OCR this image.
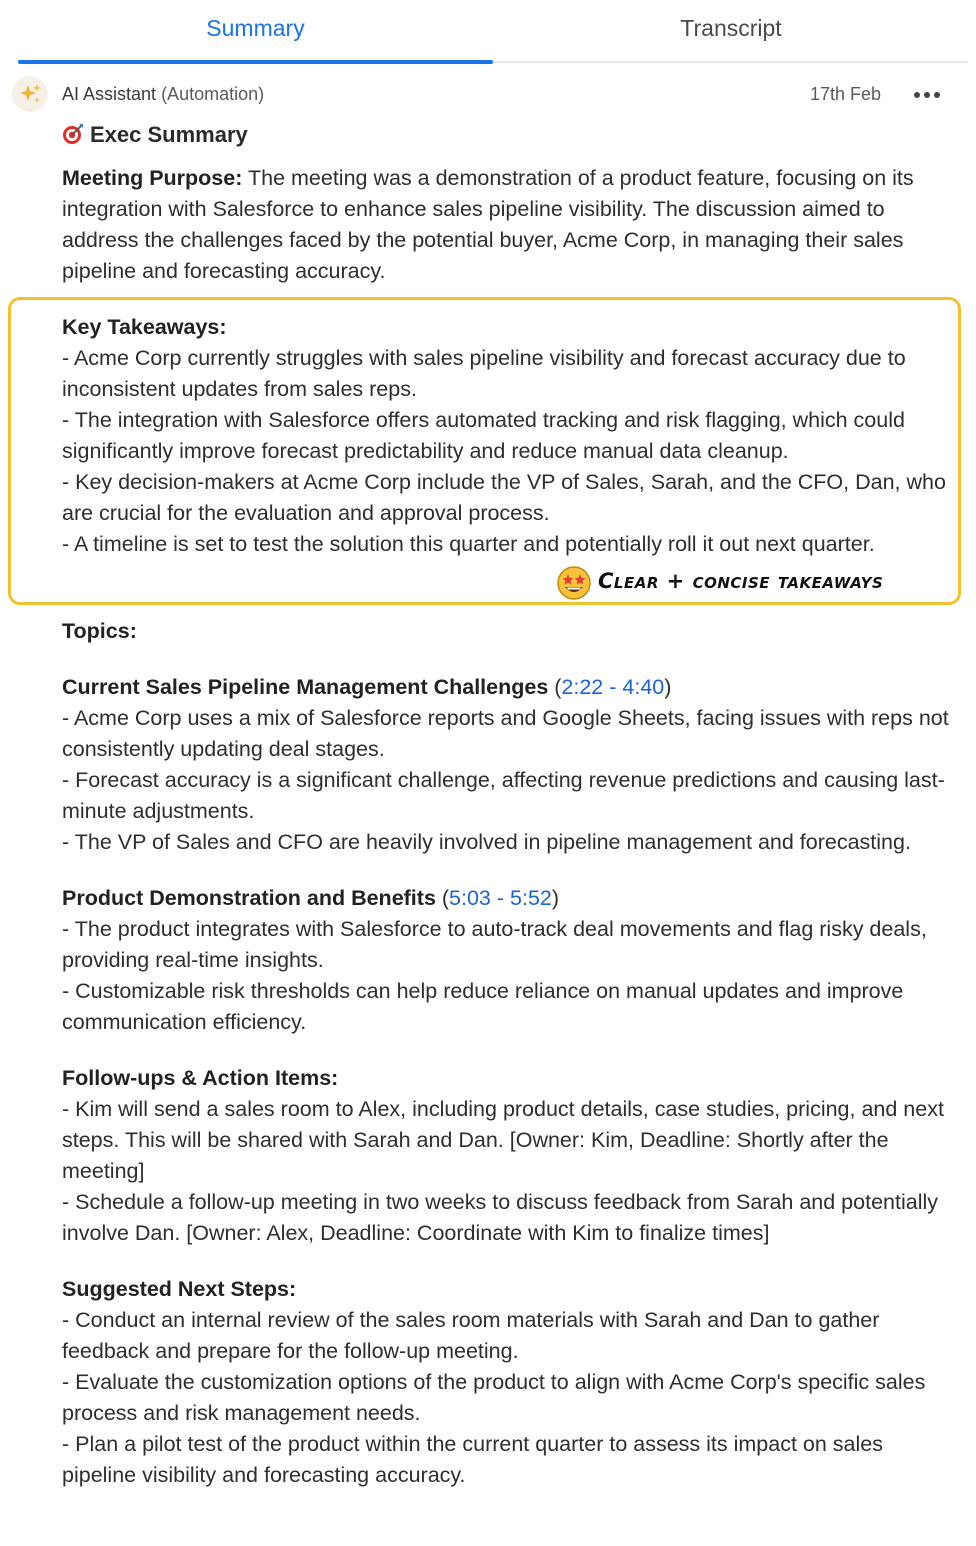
Summary	Transcript
AI Assistant (Automation)	17th Feb
Exec Summary

Meeting Purpose: The meeting was a demonstration of a product feature, focusing on its integration with Salesforce to enhance sales pipeline visibility. The discussion aimed to address the challenges faced by the potential buyer, Acme Corp, in managing their sales pipeline and forecasting accuracy.

Key Takeaways:

- Acme Corp currently struggles with sales pipeline visibility and forecast accuracy due to inconsistent updates from sales reps.

- The integration with Salesforce offers automated tracking and risk flagging, which could significantly improve forecast predictability and reduce manual data cleanup.

- Key decision-makers at Acme Corp include the VP of Sales, Sarah, and the CFO, Dan, who are crucial for the evaluation and approval process.

- A timeline is set to test the solution this quarter and potentially roll it out next quarter.

Clear + concise takeaways

Topics:

Current Sales Pipeline Management Challenges (2:22 - 4:40)

- Acme Corp uses a mix of Salesforce reports and Google Sheets, facing issues with reps not consistently updating deal stages.

- Forecast accuracy is a significant challenge, affecting revenue predictions and causing last-minute adjustments.

- The VP of Sales and CFO are heavily involved in pipeline management and forecasting.

Product Demonstration and Benefits (5:03 - 5:52)

- The product integrates with Salesforce to auto-track deal movements and flag risky deals, providing real-time insights.

- Customizable risk thresholds can help reduce reliance on manual updates and improve communication efficiency.

Follow-ups & Action Items:

- Kim will send a sales room to Alex, including product details, case studies, pricing, and next steps. This will be shared with Sarah and Dan. [Owner: Kim, Deadline: Shortly after the meeting]

- Schedule a follow-up meeting in two weeks to discuss feedback from Sarah and potentially involve Dan. [Owner: Alex, Deadline: Coordinate with Kim to finalize times]

Suggested Next Steps:

- Conduct an internal review of the sales room materials with Sarah and Dan to gather feedback and prepare for the follow-up meeting.

- Evaluate the customization options of the product to align with Acme Corp's specific sales process and risk management needs.

- Plan a pilot test of the product within the current quarter to assess its impact on sales pipeline visibility and forecasting accuracy.
